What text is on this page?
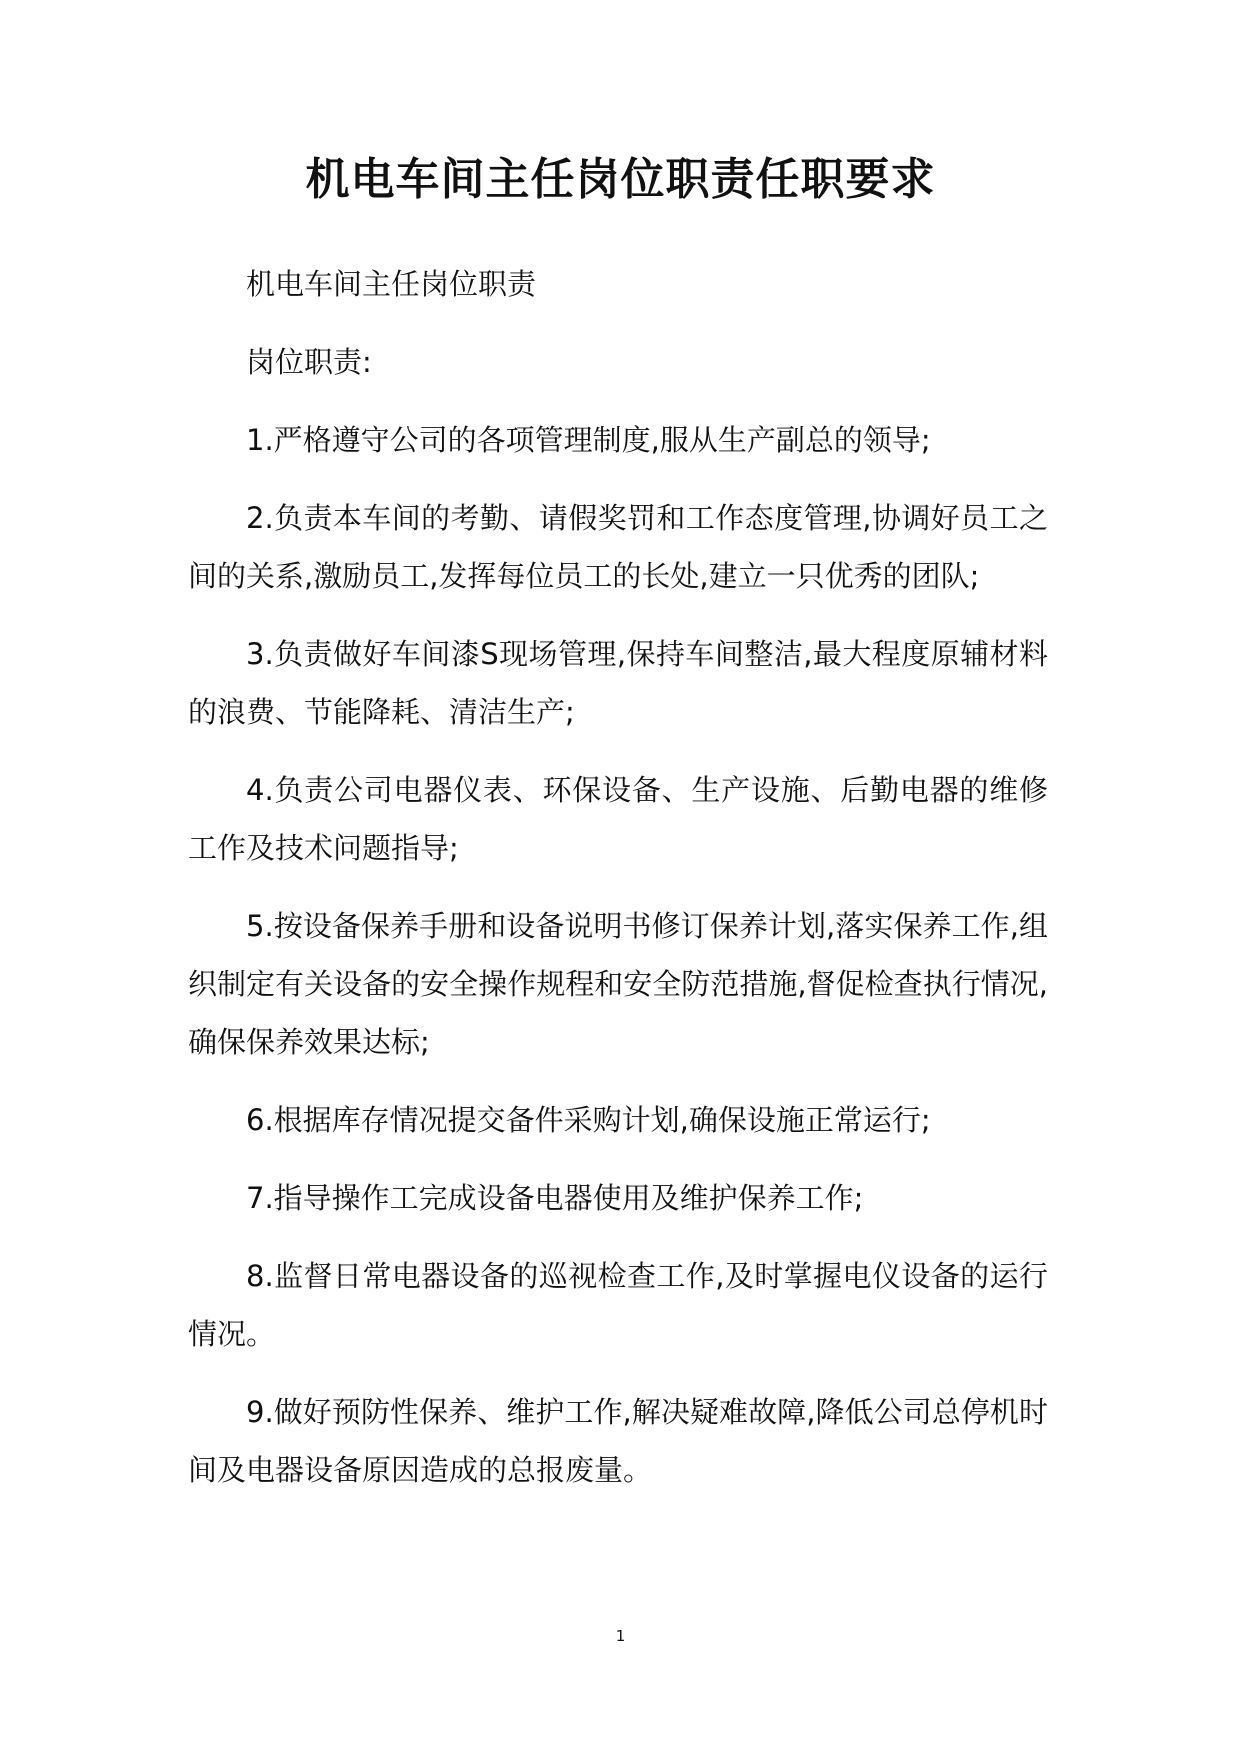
机电车间主任岗位职责任职要求

机电车间主任岗位职责

岗位职责:

1.严格遵守公司的各项管理制度,服从生产副总的领导;

2.负责本车间的考勤、请假奖罚和工作态度管理,协调好员工之间的关系,激励员工,发挥每位员工的长处,建立一只优秀的团队;

3.负责做好车间漆S现场管理,保持车间整洁,最大程度原辅材料的浪费、节能降耗、清洁生产;

4.负责公司电器仪表、环保设备、生产设施、后勤电器的维修工作及技术问题指导;

5.按设备保养手册和设备说明书修订保养计划,落实保养工作,组织制定有关设备的安全操作规程和安全防范措施,督促检查执行情况,确保保养效果达标;

6.根据库存情况提交备件采购计划,确保设施正常运行;

7.指导操作工完成设备电器使用及维护保养工作;

8.监督日常电器设备的巡视检查工作,及时掌握电仪设备的运行情况。

9.做好预防性保养、维护工作,解决疑难故障,降低公司总停机时间及电器设备原因造成的总报废量。

1
